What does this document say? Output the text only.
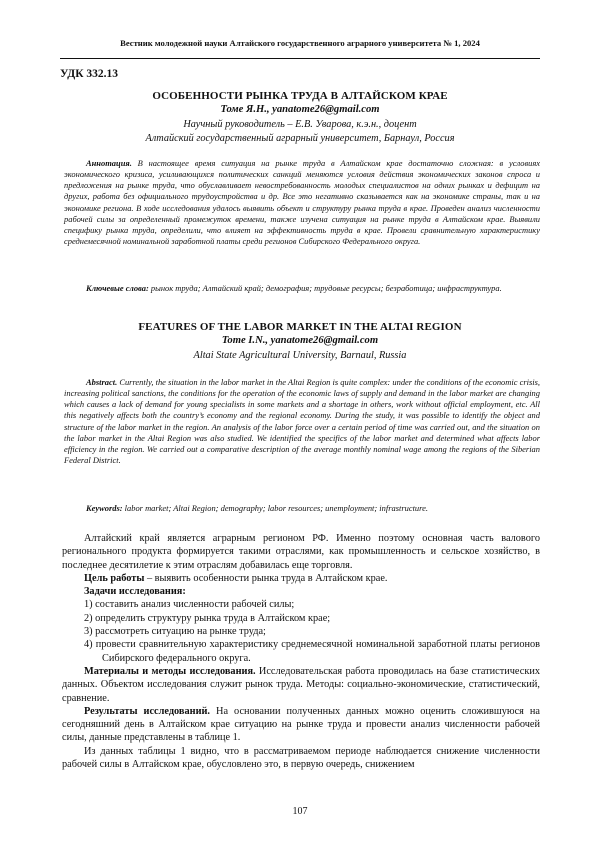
Вестник молодежной науки Алтайского государственного аграрного университета № 1, 2024
УДК 332.13
ОСОБЕННОСТИ РЫНКА ТРУДА В АЛТАЙСКОМ КРАЕ
Томе Я.Н., yanatome26@gmail.com
Научный руководитель – Е.В. Уварова, к.э.н., доцент
Алтайский государственный аграрный университет, Барнаул, Россия
Аннотация. В настоящее время ситуация на рынке труда в Алтайском крае достаточно сложная: в условиях экономического кризиса, усиливающихся политических санкций меняются условия действия экономических законов спроса и предложения на рынке труда, что обуславливает невостребованность молодых специалистов на одних рынках и дефицит на других, работа без официального трудоустройства и др. Все это негативно сказывается как на экономике страны, так и на экономике региона. В ходе исследования удалось выявить объект и структуру рынка труда в крае. Проведен анализ численности рабочей силы за определенный промежуток времени, также изучена ситуация на рынке труда в Алтайском крае. Выявили специфику рынка труда, определили, что влияет на эффективность труда в крае. Провели сравнительную характеристику среднемесячной номинальной заработной платы среди регионов Сибирского Федерального округа.
Ключевые слова: рынок труда; Алтайский край; демография; трудовые ресурсы; безработица; инфраструктура.
FEATURES OF THE LABOR MARKET IN THE ALTAI REGION
Tome I.N., yanatome26@gmail.com
Altai State Agricultural University, Barnaul, Russia
Abstract. Currently, the situation in the labor market in the Altai Region is quite complex: under the conditions of the economic crisis, increasing political sanctions, the conditions for the operation of the economic laws of supply and demand in the labor market are changing which causes a lack of demand for young specialists in some markets and a shortage in others, work without official employment, etc. All this negatively affects both the country’s economy and the regional economy. During the study, it was possible to identify the object and structure of the labor market in the region. An analysis of the labor force over a certain period of time was carried out, and the situation on the labor market in the Altai Region was also studied. We identified the specifics of the labor market and determined what affects labor efficiency in the region. We carried out a comparative description of the average monthly nominal wage among the regions of the Siberian Federal District.
Keywords: labor market; Altai Region; demography; labor resources; unemployment; infrastructure.

Алтайский край является аграрным регионом РФ. Именно поэтому основная часть валового регионального продукта формируется такими отраслями, как промышленность и сельское хозяйство, в последнее десятилетие к этим отраслям добавилась еще торговля.

Цель работы – выявить особенности рынка труда в Алтайском крае.

Задачи исследования:

1) составить анализ численности рабочей силы;
2) определить структуру рынка труда в Алтайском крае;
3) рассмотреть ситуацию на рынке труда;
4) провести сравнительную характеристику среднемесячной номинальной заработной платы регионов Сибирского федерального округа.

Материалы и методы исследования. Исследовательская работа проводилась на базе статистических данных. Объектом исследования служит рынок труда. Методы: социально-экономические, статистический, сравнение.

Результаты исследований. На основании полученных данных можно оценить сложившуюся на сегодняшний день в Алтайском крае ситуацию на рынке труда и провести анализ численности рабочей силы, данные представлены в таблице 1.

Из данных таблицы 1 видно, что в рассматриваемом периоде наблюдается снижение численности рабочей силы в Алтайском крае, обусловлено это, в первую очередь, снижением

107
